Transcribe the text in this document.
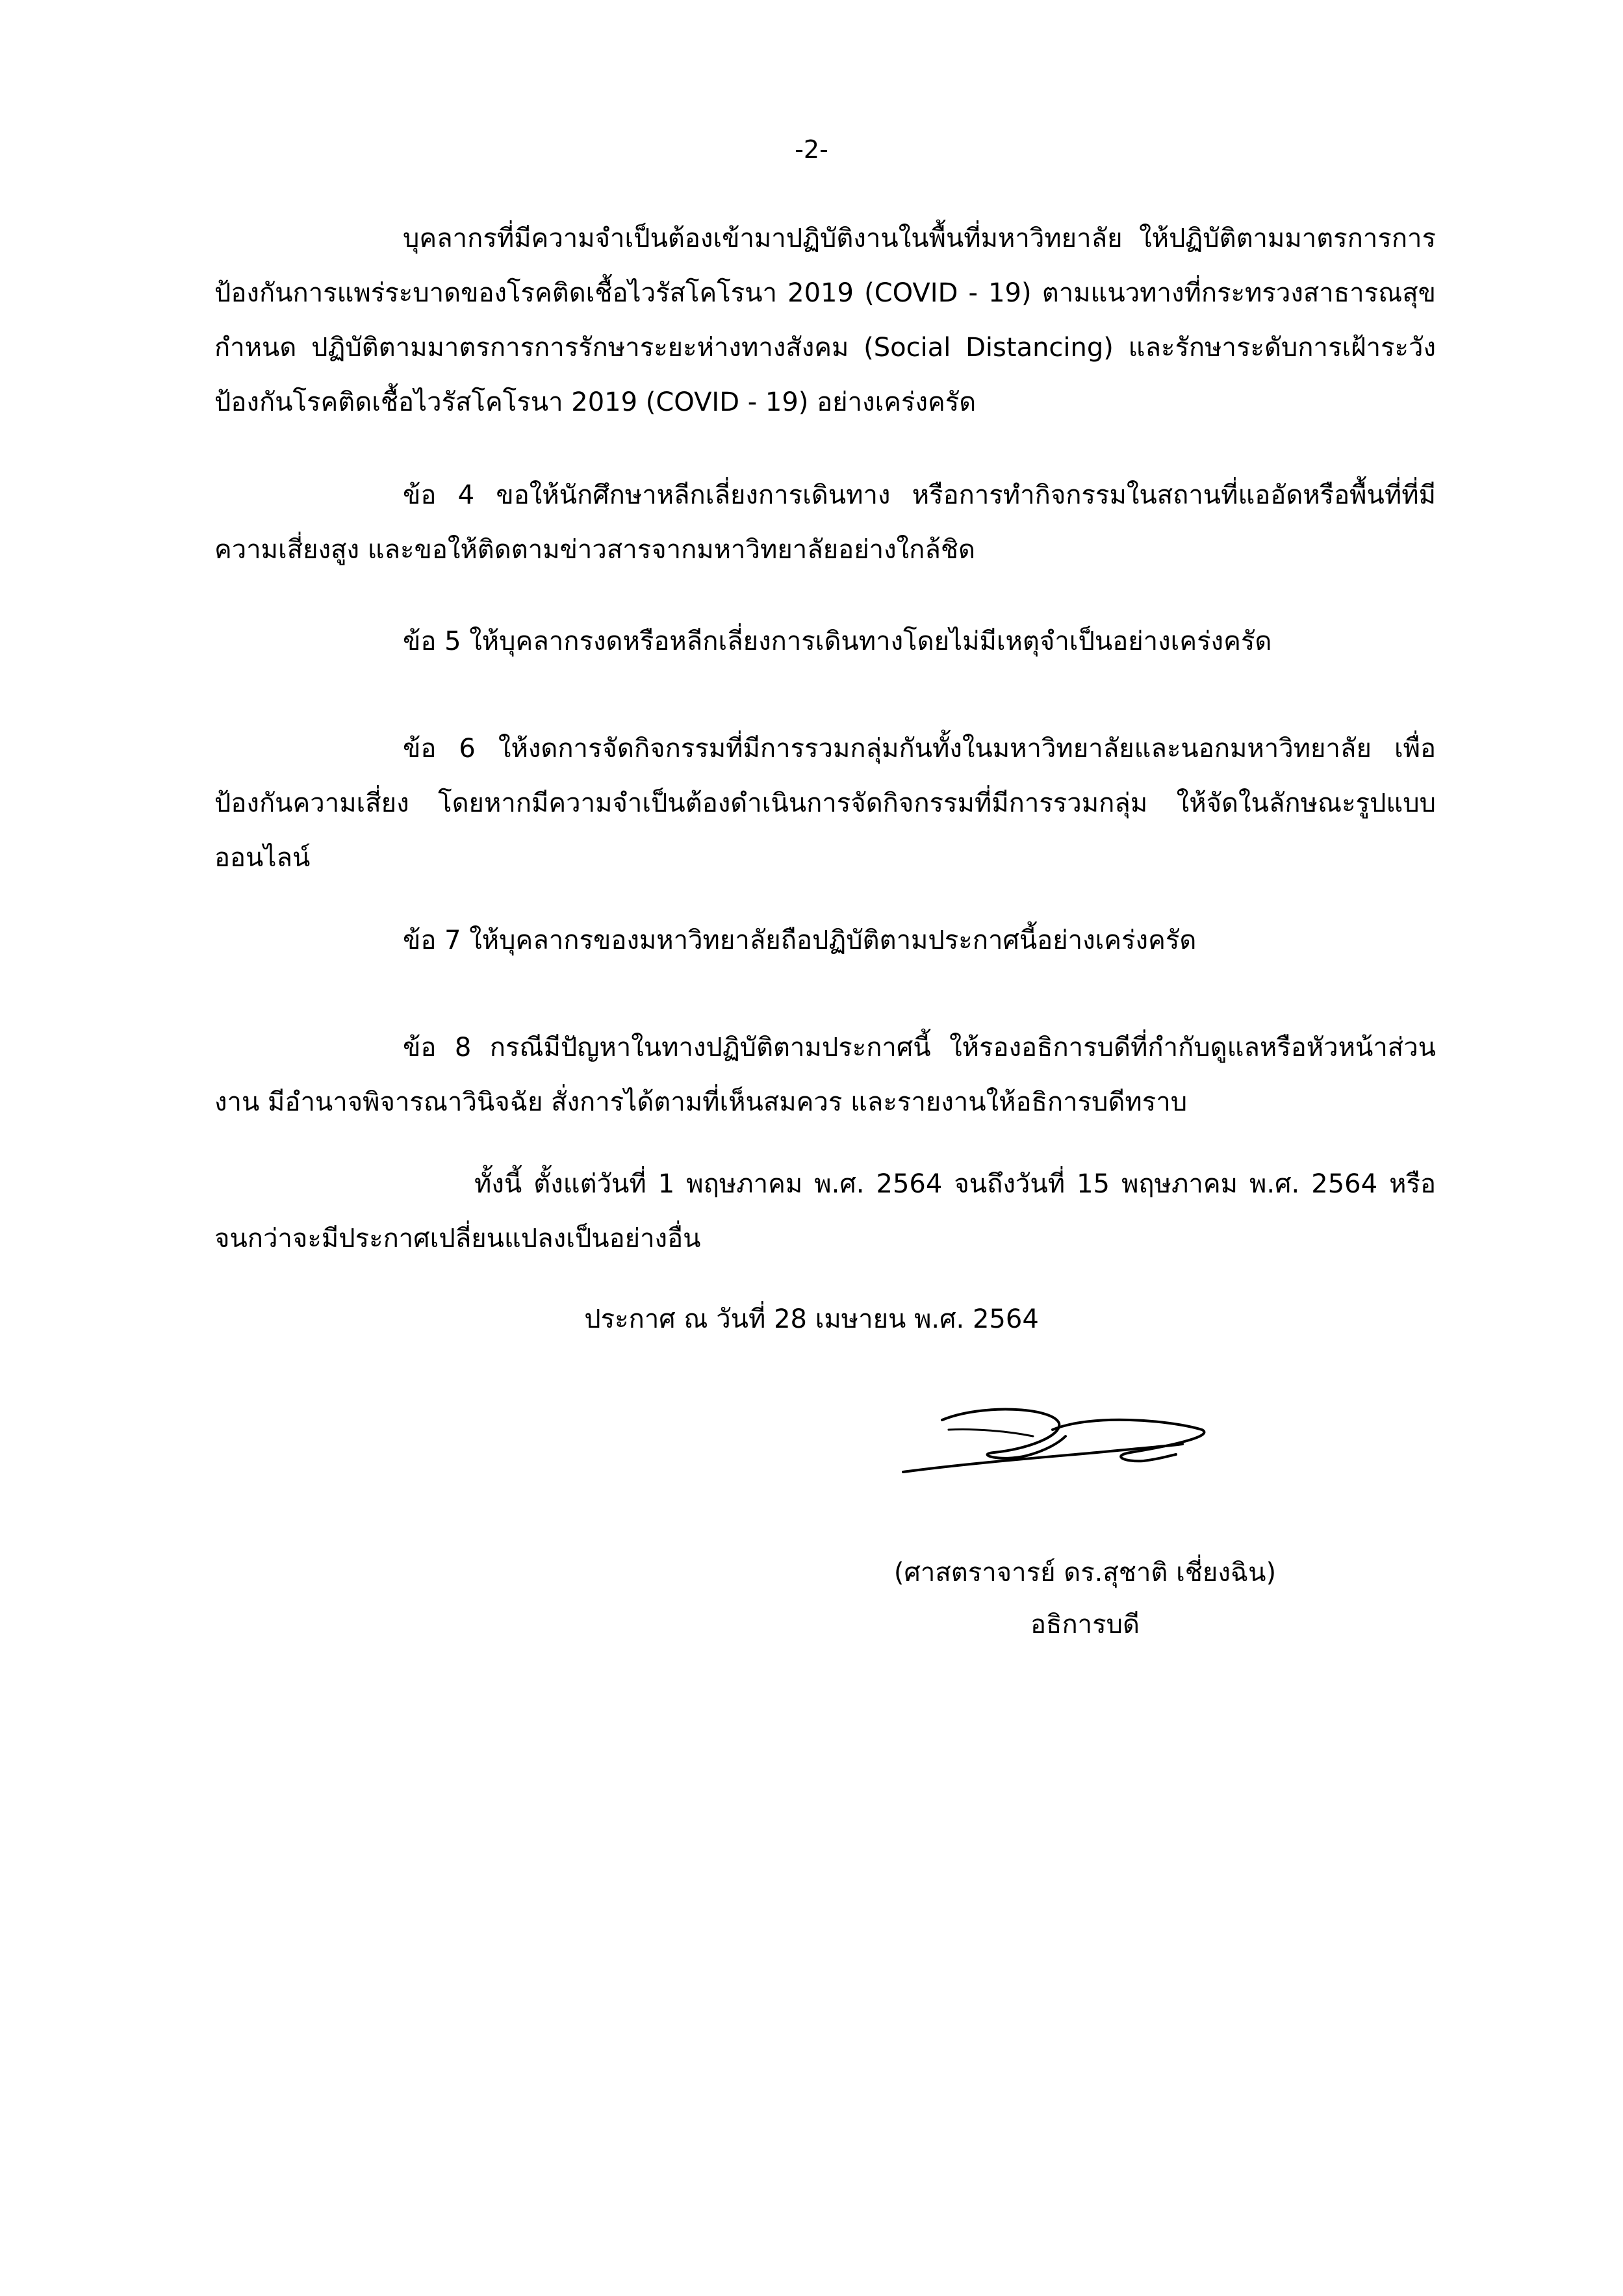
-2-
บุคลากรที่มีความจำเป็นต้องเข้ามาปฏิบัติงานในพื้นที่มหาวิทยาลัย ให้ปฏิบัติตามมาตรการการป้องกันการแพร่ระบาดของโรคติดเชื้อไวรัสโคโรนา 2019 (COVID - 19) ตามแนวทางที่กระทรวงสาธารณสุขกำหนด ปฏิบัติตามมาตรการการรักษาระยะห่างทางสังคม (Social Distancing) และรักษาระดับการเฝ้าระวังป้องกันโรคติดเชื้อไวรัสโคโรนา 2019 (COVID - 19) อย่างเคร่งครัด
ข้อ 4 ขอให้นักศึกษาหลีกเลี่ยงการเดินทาง หรือการทำกิจกรรมในสถานที่แออัดหรือพื้นที่ที่มีความเสี่ยงสูง และขอให้ติดตามข่าวสารจากมหาวิทยาลัยอย่างใกล้ชิด
ข้อ 5 ให้บุคลากรงดหรือหลีกเลี่ยงการเดินทางโดยไม่มีเหตุจำเป็นอย่างเคร่งครัด
ข้อ 6 ให้งดการจัดกิจกรรมที่มีการรวมกลุ่มกันทั้งในมหาวิทยาลัยและนอกมหาวิทยาลัย เพื่อป้องกันความเสี่ยง โดยหากมีความจำเป็นต้องดำเนินการจัดกิจกรรมที่มีการรวมกลุ่ม ให้จัดในลักษณะรูปแบบออนไลน์
ข้อ 7 ให้บุคลากรของมหาวิทยาลัยถือปฏิบัติตามประกาศนี้อย่างเคร่งครัด
ข้อ 8 กรณีมีปัญหาในทางปฏิบัติตามประกาศนี้ ให้รองอธิการบดีที่กำกับดูแลหรือหัวหน้าส่วนงาน มีอำนาจพิจารณาวินิจฉัย สั่งการได้ตามที่เห็นสมควร และรายงานให้อธิการบดีทราบ
ทั้งนี้ ตั้งแต่วันที่ 1 พฤษภาคม พ.ศ. 2564 จนถึงวันที่ 15 พฤษภาคม พ.ศ. 2564 หรือจนกว่าจะมีประกาศเปลี่ยนแปลงเป็นอย่างอื่น
ประกาศ ณ วันที่ 28 เมษายน พ.ศ. 2564
(ศาสตราจารย์ ดร.สุชาติ เชี่ยงฉิน)
อธิการบดี
